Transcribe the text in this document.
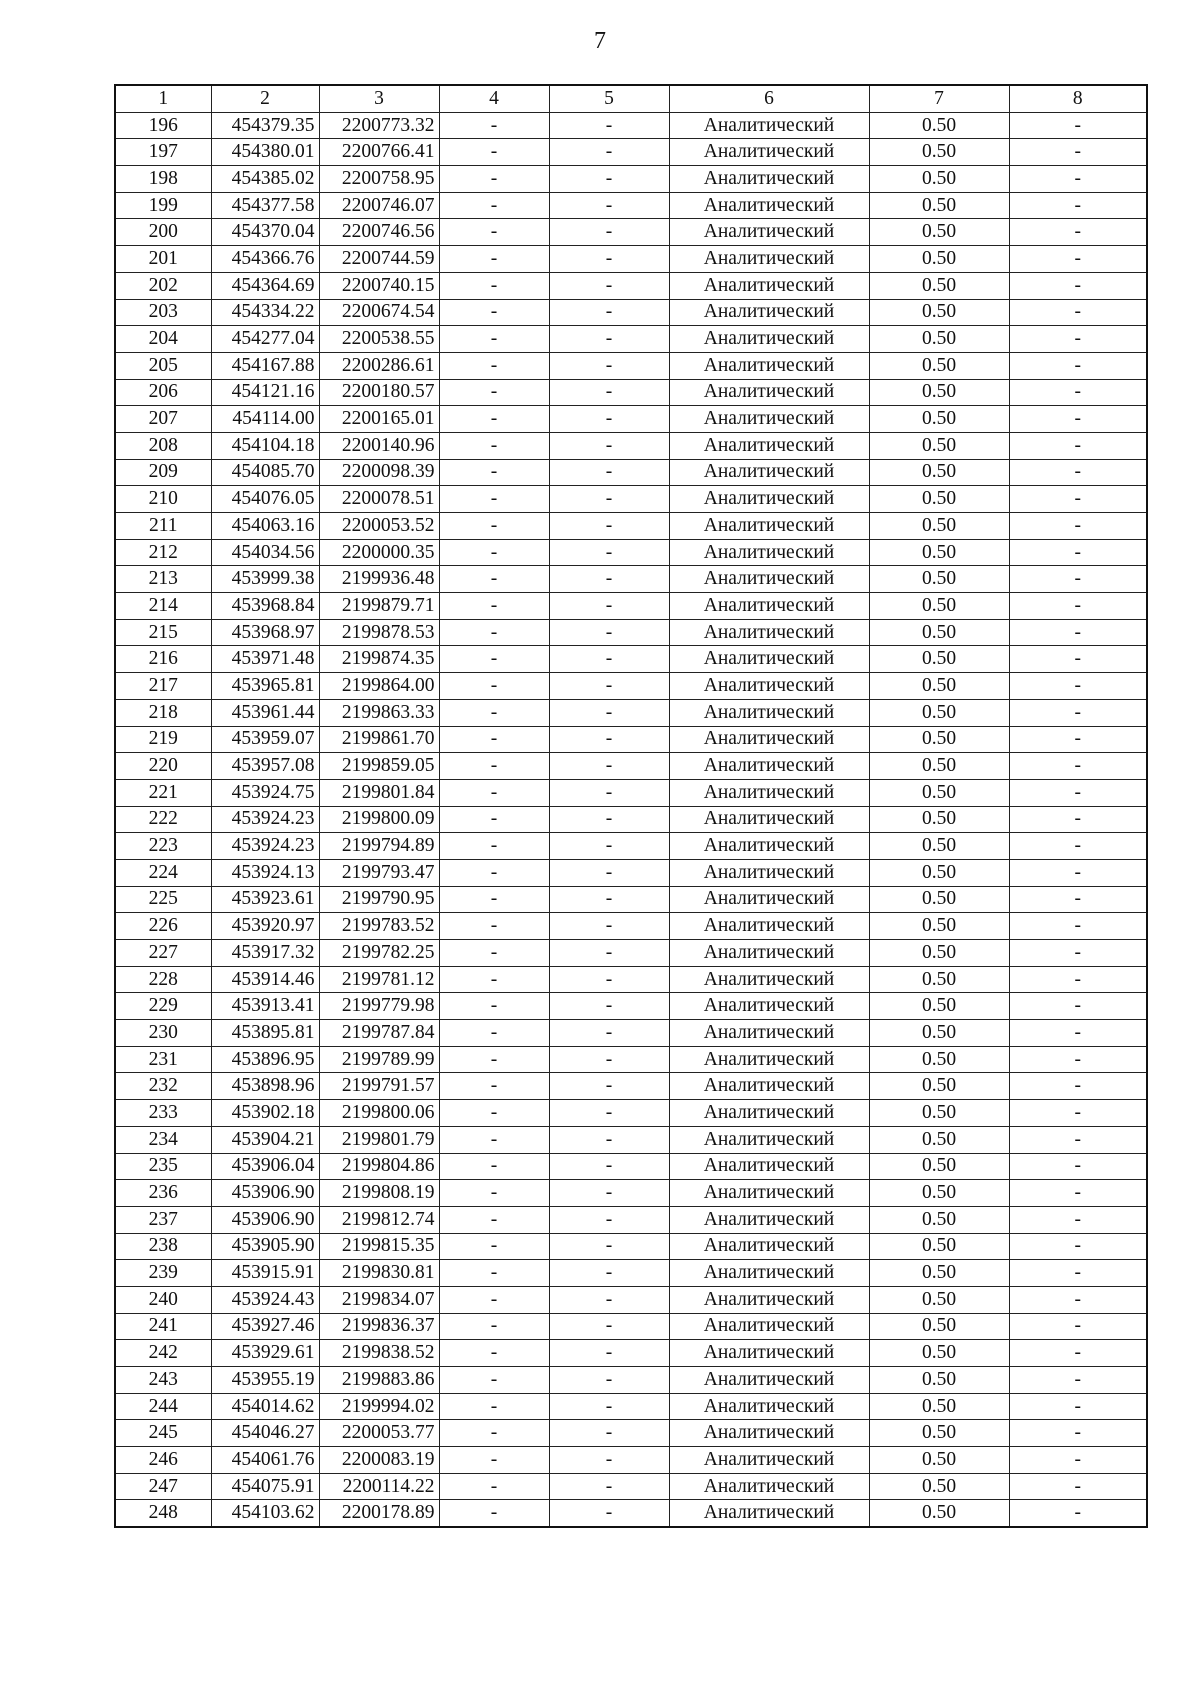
7
1	2	3	4	5	6	7	8
196	454379.35	2200773.32	-	-	Аналитический	0.50	-
197	454380.01	2200766.41	-	-	Аналитический	0.50	-
198	454385.02	2200758.95	-	-	Аналитический	0.50	-
199	454377.58	2200746.07	-	-	Аналитический	0.50	-
200	454370.04	2200746.56	-	-	Аналитический	0.50	-
201	454366.76	2200744.59	-	-	Аналитический	0.50	-
202	454364.69	2200740.15	-	-	Аналитический	0.50	-
203	454334.22	2200674.54	-	-	Аналитический	0.50	-
204	454277.04	2200538.55	-	-	Аналитический	0.50	-
205	454167.88	2200286.61	-	-	Аналитический	0.50	-
206	454121.16	2200180.57	-	-	Аналитический	0.50	-
207	454114.00	2200165.01	-	-	Аналитический	0.50	-
208	454104.18	2200140.96	-	-	Аналитический	0.50	-
209	454085.70	2200098.39	-	-	Аналитический	0.50	-
210	454076.05	2200078.51	-	-	Аналитический	0.50	-
211	454063.16	2200053.52	-	-	Аналитический	0.50	-
212	454034.56	2200000.35	-	-	Аналитический	0.50	-
213	453999.38	2199936.48	-	-	Аналитический	0.50	-
214	453968.84	2199879.71	-	-	Аналитический	0.50	-
215	453968.97	2199878.53	-	-	Аналитический	0.50	-
216	453971.48	2199874.35	-	-	Аналитический	0.50	-
217	453965.81	2199864.00	-	-	Аналитический	0.50	-
218	453961.44	2199863.33	-	-	Аналитический	0.50	-
219	453959.07	2199861.70	-	-	Аналитический	0.50	-
220	453957.08	2199859.05	-	-	Аналитический	0.50	-
221	453924.75	2199801.84	-	-	Аналитический	0.50	-
222	453924.23	2199800.09	-	-	Аналитический	0.50	-
223	453924.23	2199794.89	-	-	Аналитический	0.50	-
224	453924.13	2199793.47	-	-	Аналитический	0.50	-
225	453923.61	2199790.95	-	-	Аналитический	0.50	-
226	453920.97	2199783.52	-	-	Аналитический	0.50	-
227	453917.32	2199782.25	-	-	Аналитический	0.50	-
228	453914.46	2199781.12	-	-	Аналитический	0.50	-
229	453913.41	2199779.98	-	-	Аналитический	0.50	-
230	453895.81	2199787.84	-	-	Аналитический	0.50	-
231	453896.95	2199789.99	-	-	Аналитический	0.50	-
232	453898.96	2199791.57	-	-	Аналитический	0.50	-
233	453902.18	2199800.06	-	-	Аналитический	0.50	-
234	453904.21	2199801.79	-	-	Аналитический	0.50	-
235	453906.04	2199804.86	-	-	Аналитический	0.50	-
236	453906.90	2199808.19	-	-	Аналитический	0.50	-
237	453906.90	2199812.74	-	-	Аналитический	0.50	-
238	453905.90	2199815.35	-	-	Аналитический	0.50	-
239	453915.91	2199830.81	-	-	Аналитический	0.50	-
240	453924.43	2199834.07	-	-	Аналитический	0.50	-
241	453927.46	2199836.37	-	-	Аналитический	0.50	-
242	453929.61	2199838.52	-	-	Аналитический	0.50	-
243	453955.19	2199883.86	-	-	Аналитический	0.50	-
244	454014.62	2199994.02	-	-	Аналитический	0.50	-
245	454046.27	2200053.77	-	-	Аналитический	0.50	-
246	454061.76	2200083.19	-	-	Аналитический	0.50	-
247	454075.91	2200114.22	-	-	Аналитический	0.50	-
248	454103.62	2200178.89	-	-	Аналитический	0.50	-
